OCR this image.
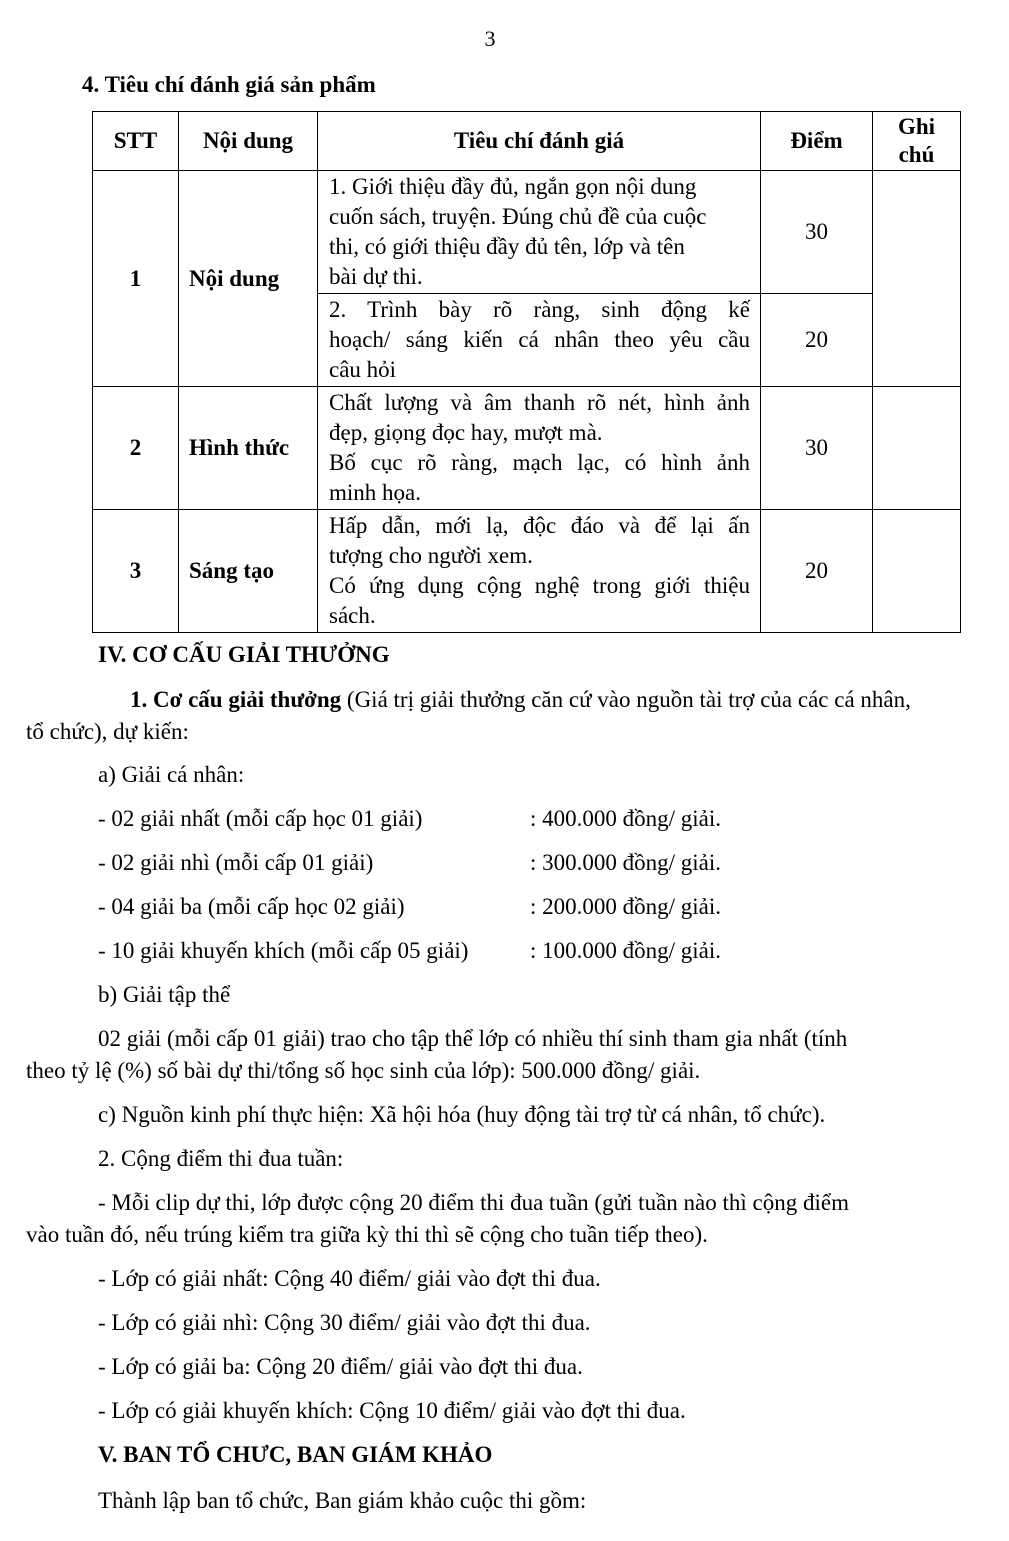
3
4. Tiêu chí đánh giá sản phẩm
STT	Nội dung	Tiêu chí đánh giá	Điểm	Ghi chú

1	Nội dung	1. Giới thiệu đầy đủ, ngắn gọn nội dung
cuốn sách, truyện. Đúng chủ đề của cuộc
thi, có giới thiệu đầy đủ tên, lớp và tên
bài dự thi.	30	

		2. Trình bày rõ ràng, sinh động kế
hoạch/ sáng kiến cá nhân theo yêu cầu
câu hỏi	20	
2	Hình thức	Chất lượng và âm thanh rõ nét, hình ảnh
đẹp, giọng đọc hay, mượt mà.
Bố cục rõ ràng, mạch lạc, có hình ảnh
minh họa.	30	
3	Sáng tạo	Hấp dẫn, mới lạ, độc đáo và để lại ấn
tượng cho người xem.
Có ứng dụng cộng nghệ trong giới thiệu
sách.	20	
IV. CƠ CẤU GIẢI THƯỞNG
1. Cơ cấu giải thưởng (Giá trị giải thưởng căn cứ vào nguồn tài trợ của các cá nhân,
tổ chức), dự kiến:
a) Giải cá nhân:
- 02 giải nhất (mỗi cấp học 01 giải)	: 400.000 đồng/ giải.
- 02 giải nhì (mỗi cấp 01 giải)	: 300.000 đồng/ giải.
- 04 giải ba (mỗi cấp học 02 giải)	: 200.000 đồng/ giải.
- 10 giải khuyến khích (mỗi cấp 05 giải)	: 100.000 đồng/ giải.
b) Giải tập thể
02 giải (mỗi cấp 01 giải) trao cho tập thể lớp có nhiều thí sinh tham gia nhất (tính
theo tỷ lệ (%) số bài dự thi/tổng số học sinh của lớp): 500.000 đồng/ giải.
c) Nguồn kinh phí thực hiện: Xã hội hóa (huy động tài trợ từ cá nhân, tổ chức).
2. Cộng điểm thi đua tuần:
- Mỗi clip dự thi, lớp được cộng 20 điểm thi đua tuần (gửi tuần nào thì cộng điểm
vào tuần đó, nếu trúng kiểm tra giữa kỳ thi thì sẽ cộng cho tuần tiếp theo).
- Lớp có giải nhất: Cộng 40 điểm/ giải vào đợt thi đua.
- Lớp có giải nhì: Cộng 30 điểm/ giải vào đợt thi đua.
- Lớp có giải ba: Cộng 20 điểm/ giải vào đợt thi đua.
- Lớp có giải khuyến khích: Cộng 10 điểm/ giải vào đợt thi đua.
V. BAN TỔ CHƯC, BAN GIÁM KHẢO
Thành lập ban tổ chức, Ban giám khảo cuộc thi gồm:
